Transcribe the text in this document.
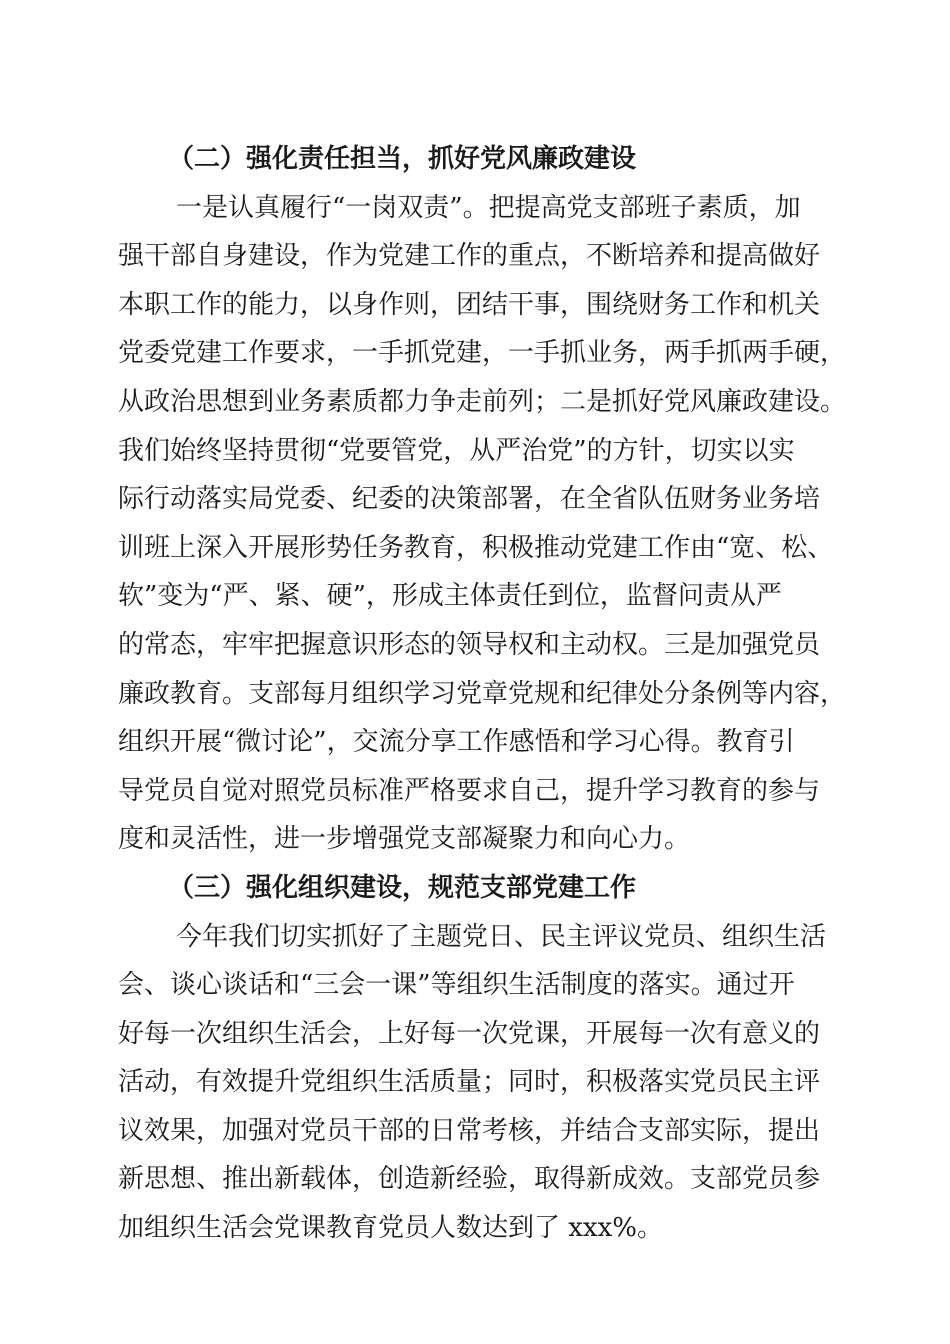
（二）强化责任担当，抓好党风廉政建设
一是认真履行“一岗双责”。把提高党支部班子素质，加
强干部自身建设，作为党建工作的重点，不断培养和提高做好
本职工作的能力，以身作则，团结干事，围绕财务工作和机关
党委党建工作要求，一手抓党建，一手抓业务，两手抓两手硬，
从政治思想到业务素质都力争走前列；二是抓好党风廉政建设。
我们始终坚持贯彻“党要管党，从严治党”的方针，切实以实
际行动落实局党委、纪委的决策部署，在全省队伍财务业务培
训班上深入开展形势任务教育，积极推动党建工作由“宽、松、
软”变为“严、紧、硬”，形成主体责任到位，监督问责从严
的常态，牢牢把握意识形态的领导权和主动权。三是加强党员
廉政教育。支部每月组织学习党章党规和纪律处分条例等内容，
组织开展“微讨论”，交流分享工作感悟和学习心得。教育引
导党员自觉对照党员标准严格要求自己，提升学习教育的参与
度和灵活性，进一步增强党支部凝聚力和向心力。
（三）强化组织建设，规范支部党建工作
今年我们切实抓好了主题党日、民主评议党员、组织生活
会、谈心谈话和“三会一课”等组织生活制度的落实。通过开
好每一次组织生活会，上好每一次党课，开展每一次有意义的
活动，有效提升党组织生活质量；同时，积极落实党员民主评
议效果，加强对党员干部的日常考核，并结合支部实际，提出
新思想、推出新载体，创造新经验，取得新成效。支部党员参
加组织生活会党课教育党员人数达到了 xxx%。
